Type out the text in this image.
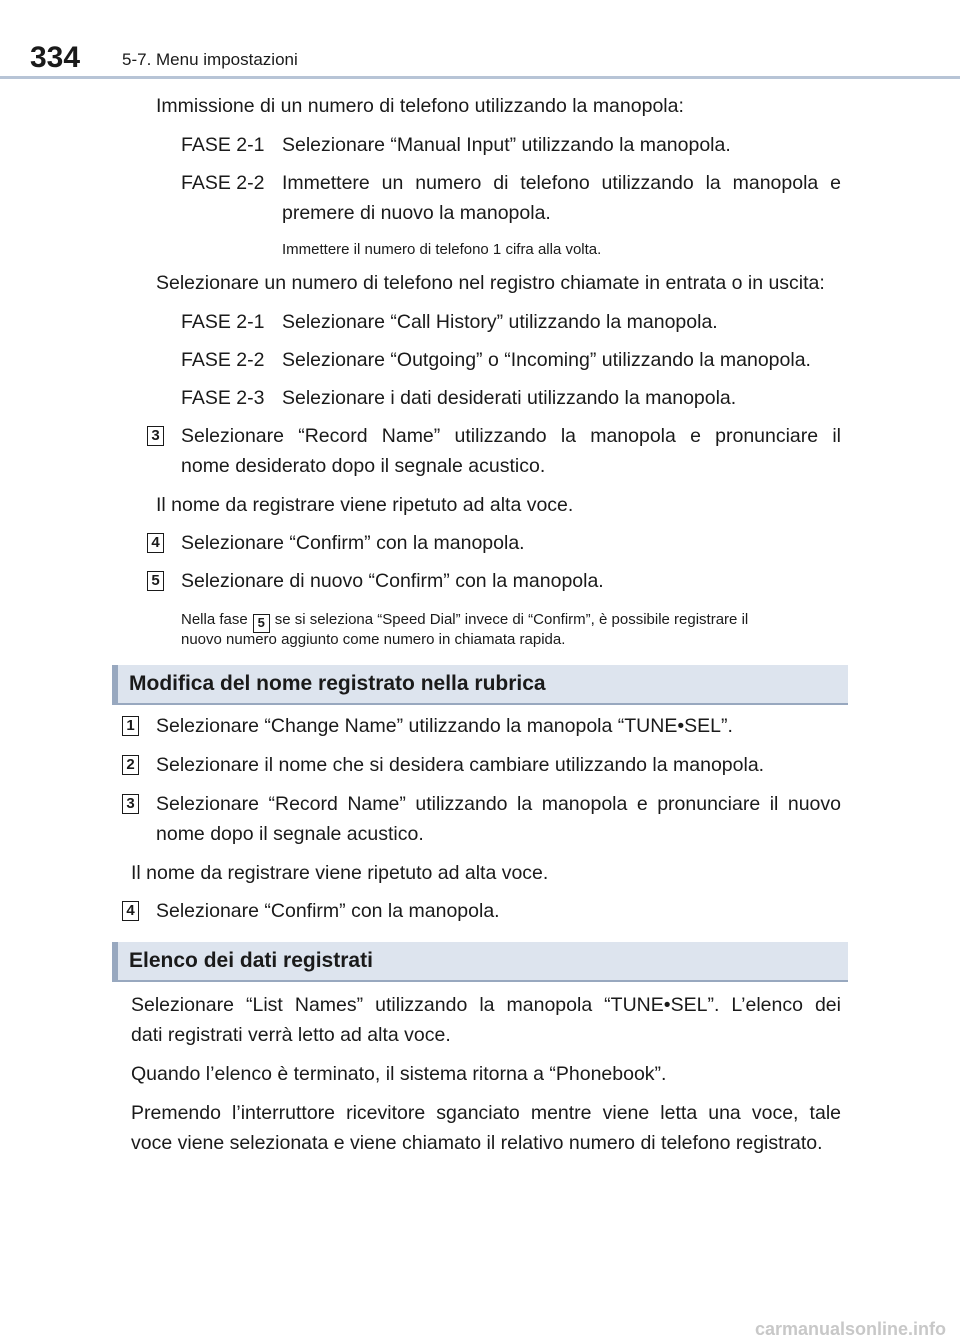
334 5-7. Menu impostazioni
Immissione di un numero di telefono utilizzando la manopola:
FASE 2-1 Selezionare “Manual Input” utilizzando la manopola.
FASE 2-2 Immettere un numero di telefono utilizzando la manopola e
premere di nuovo la manopola.
Immettere il numero di telefono 1 cifra alla volta.
Selezionare un numero di telefono nel registro chiamate in entrata o in uscita:
FASE 2-1 Selezionare “Call History” utilizzando la manopola.
FASE 2-2 Selezionare “Outgoing” o “Incoming” utilizzando la manopola.
FASE 2-3 Selezionare i dati desiderati utilizzando la manopola.
3 Selezionare “Record Name” utilizzando la manopola e pronunciare il
nome desiderato dopo il segnale acustico.
Il nome da registrare viene ripetuto ad alta voce.
4 Selezionare “Confirm” con la manopola.
5 Selezionare di nuovo “Confirm” con la manopola.
Nella fase 5 se si seleziona “Speed Dial” invece di “Confirm”, è possibile registrare il
nuovo numero aggiunto come numero in chiamata rapida.
Modifica del nome registrato nella rubrica
1 Selezionare “Change Name” utilizzando la manopola “TUNE•SEL”.
2 Selezionare il nome che si desidera cambiare utilizzando la manopola.
3 Selezionare “Record Name” utilizzando la manopola e pronunciare il nuovo
nome dopo il segnale acustico.
Il nome da registrare viene ripetuto ad alta voce.
4 Selezionare “Confirm” con la manopola.
Elenco dei dati registrati
Selezionare “List Names” utilizzando la manopola “TUNE•SEL”. L’elenco dei
dati registrati verrà letto ad alta voce.
Quando l’elenco è terminato, il sistema ritorna a “Phonebook”.
Premendo l’interruttore ricevitore sganciato mentre viene letta una voce, tale
voce viene selezionata e viene chiamato il relativo numero di telefono registrato.
carmanualsonline.info
